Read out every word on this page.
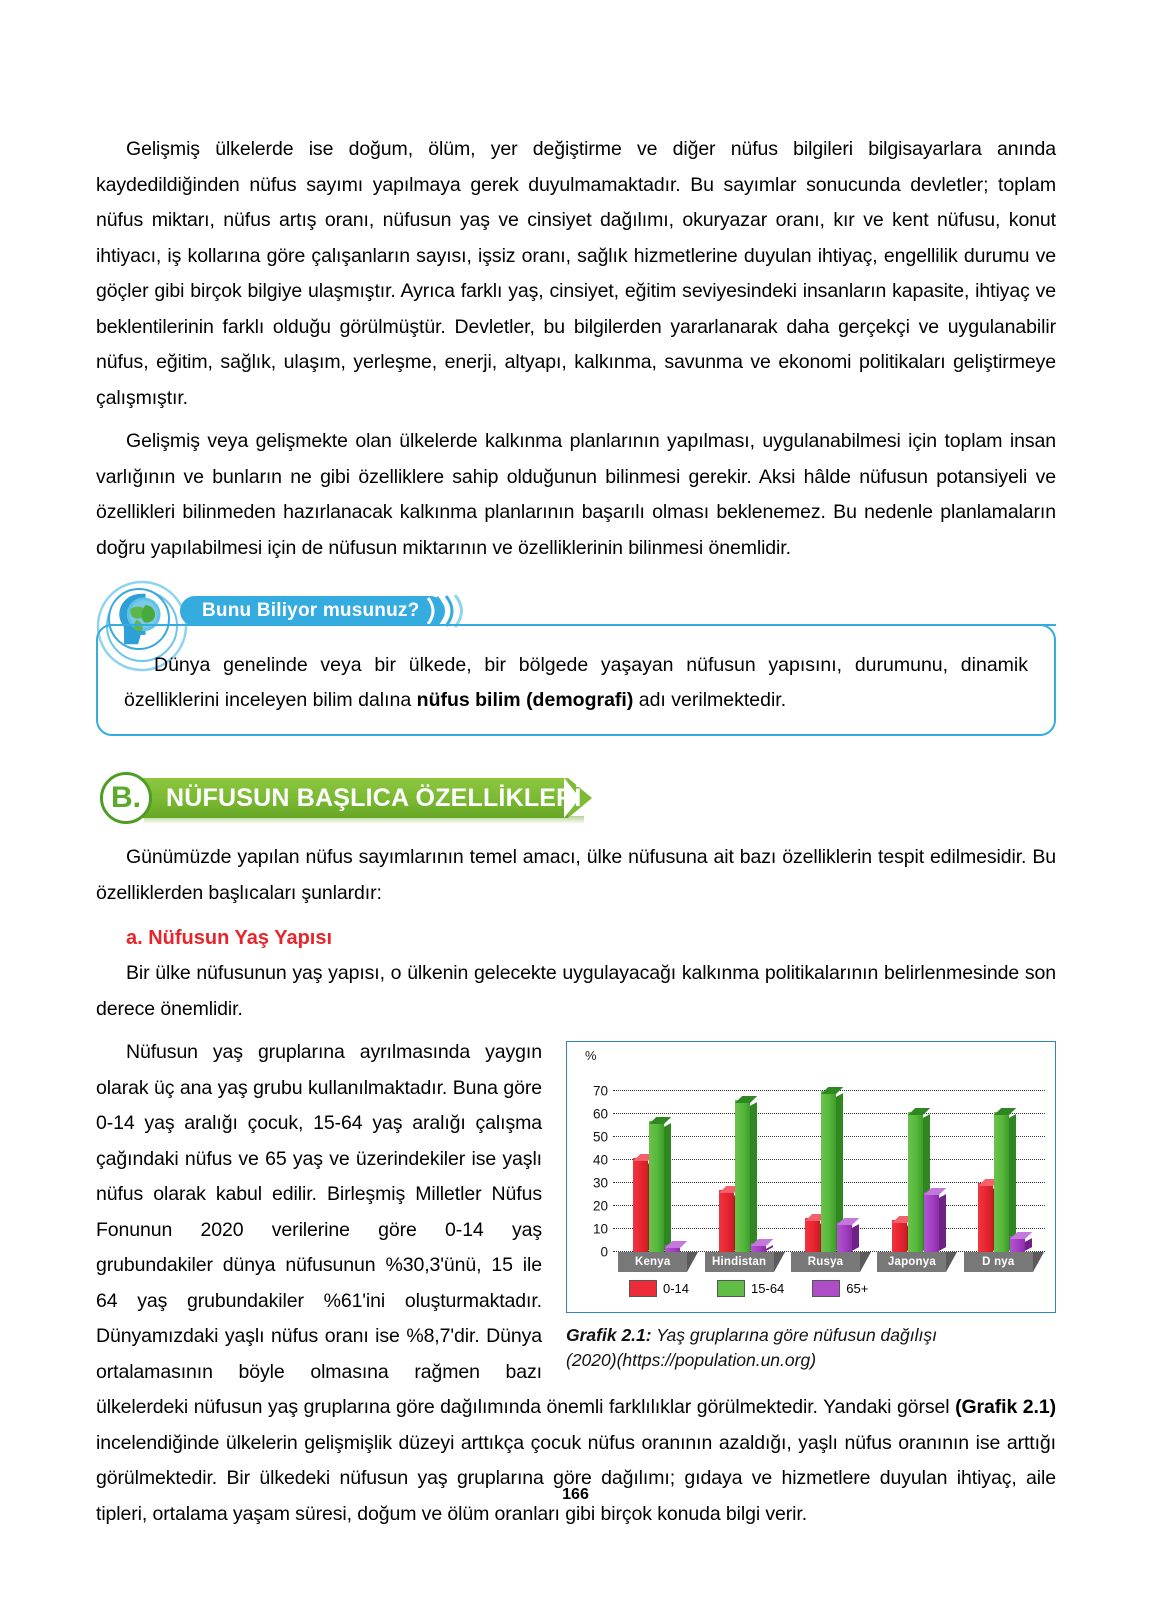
Gelişmiş ülkelerde ise doğum, ölüm, yer değiştirme ve diğer nüfus bilgileri bilgisayarlara anında kaydedildiğinden nüfus sayımı yapılmaya gerek duyulmamaktadır. Bu sayımlar sonucunda devletler; toplam nüfus miktarı, nüfus artış oranı, nüfusun yaş ve cinsiyet dağılımı, okuryazar oranı, kır ve kent nüfusu, konut ihtiyacı, iş kollarına göre çalışanların sayısı, işsiz oranı, sağlık hizmetlerine duyulan ihtiyaç, engellilik durumu ve göçler gibi birçok bilgiye ulaşmıştır. Ayrıca farklı yaş, cinsiyet, eğitim seviyesindeki insanların kapasite, ihtiyaç ve beklentilerinin farklı olduğu görülmüştür. Devletler, bu bilgilerden yararlanarak daha gerçekçi ve uygulanabilir nüfus, eğitim, sağlık, ulaşım, yerleşme, enerji, altyapı, kalkınma, savunma ve ekonomi politikaları geliştirmeye çalışmıştır.

Gelişmiş veya gelişmekte olan ülkelerde kalkınma planlarının yapılması, uygulanabilmesi için toplam insan varlığının ve bunların ne gibi özelliklere sahip olduğunun bilinmesi gerekir. Aksi hâlde nüfusun potansiyeli ve özellikleri bilinmeden hazırlanacak kalkınma planlarının başarılı olması beklenemez. Bu nedenle planlamaların doğru yapılabilmesi için de nüfusun miktarının ve özelliklerinin bilinmesi önemlidir.

Bunu Biliyor musunuz?

Dünya genelinde veya bir ülkede, bir bölgede yaşayan nüfusun yapısını, durumunu, dinamik özelliklerini inceleyen bilim dalına nüfus bilim (demografi) adı verilmektedir.

B.	NÜFUSUN BAŞLICA ÖZELLİKLERİ

Günümüzde yapılan nüfus sayımlarının temel amacı, ülke nüfusuna ait bazı özelliklerin tespit edilmesidir. Bu özelliklerden başlıcaları şunlardır:

a. Nüfusun Yaş Yapısı

Bir ülke nüfusunun yaş yapısı, o ülkenin gelecekte uygulayacağı kalkınma politikalarının belirlenmesinde son derece önemlidir.

%
0
10
20
30
40
50
60
70
Kenya	Hindistan	Rusya	Japonya	D nya
0-14	15-64	65+
Grafik 2.1: Yaş gruplarına göre nüfusun dağılışı
(2020)(https://population.un.org)

Nüfusun yaş gruplarına ayrılmasında yaygın olarak üç ana yaş grubu kullanılmaktadır. Buna göre 0-14 yaş aralığı çocuk, 15-64 yaş aralığı çalışma çağındaki nüfus ve 65 yaş ve üzerindekiler ise yaşlı nüfus olarak kabul edilir. Birleşmiş Milletler Nüfus Fonunun 2020 verilerine göre 0-14 yaş grubundakiler dünya nüfusunun %30,3'ünü, 15 ile 64 yaş grubundakiler %61'ini oluşturmaktadır. Dünyamızdaki yaşlı nüfus oranı ise %8,7'dir. Dünya ortalamasının böyle olmasına rağmen bazı ülkelerdeki nüfusun yaş gruplarına göre dağılımında önemli farklılıklar görülmektedir. Yandaki görsel (Grafik 2.1) incelendiğinde ülkelerin gelişmişlik düzeyi arttıkça çocuk nüfus oranının azaldığı, yaşlı nüfus oranının ise arttığı görülmektedir. Bir ülkedeki nüfusun yaş gruplarına göre dağılımı; gıdaya ve hizmetlere duyulan ihtiyaç, aile tipleri, ortalama yaşam süresi, doğum ve ölüm oranları gibi birçok konuda bilgi verir.

166
